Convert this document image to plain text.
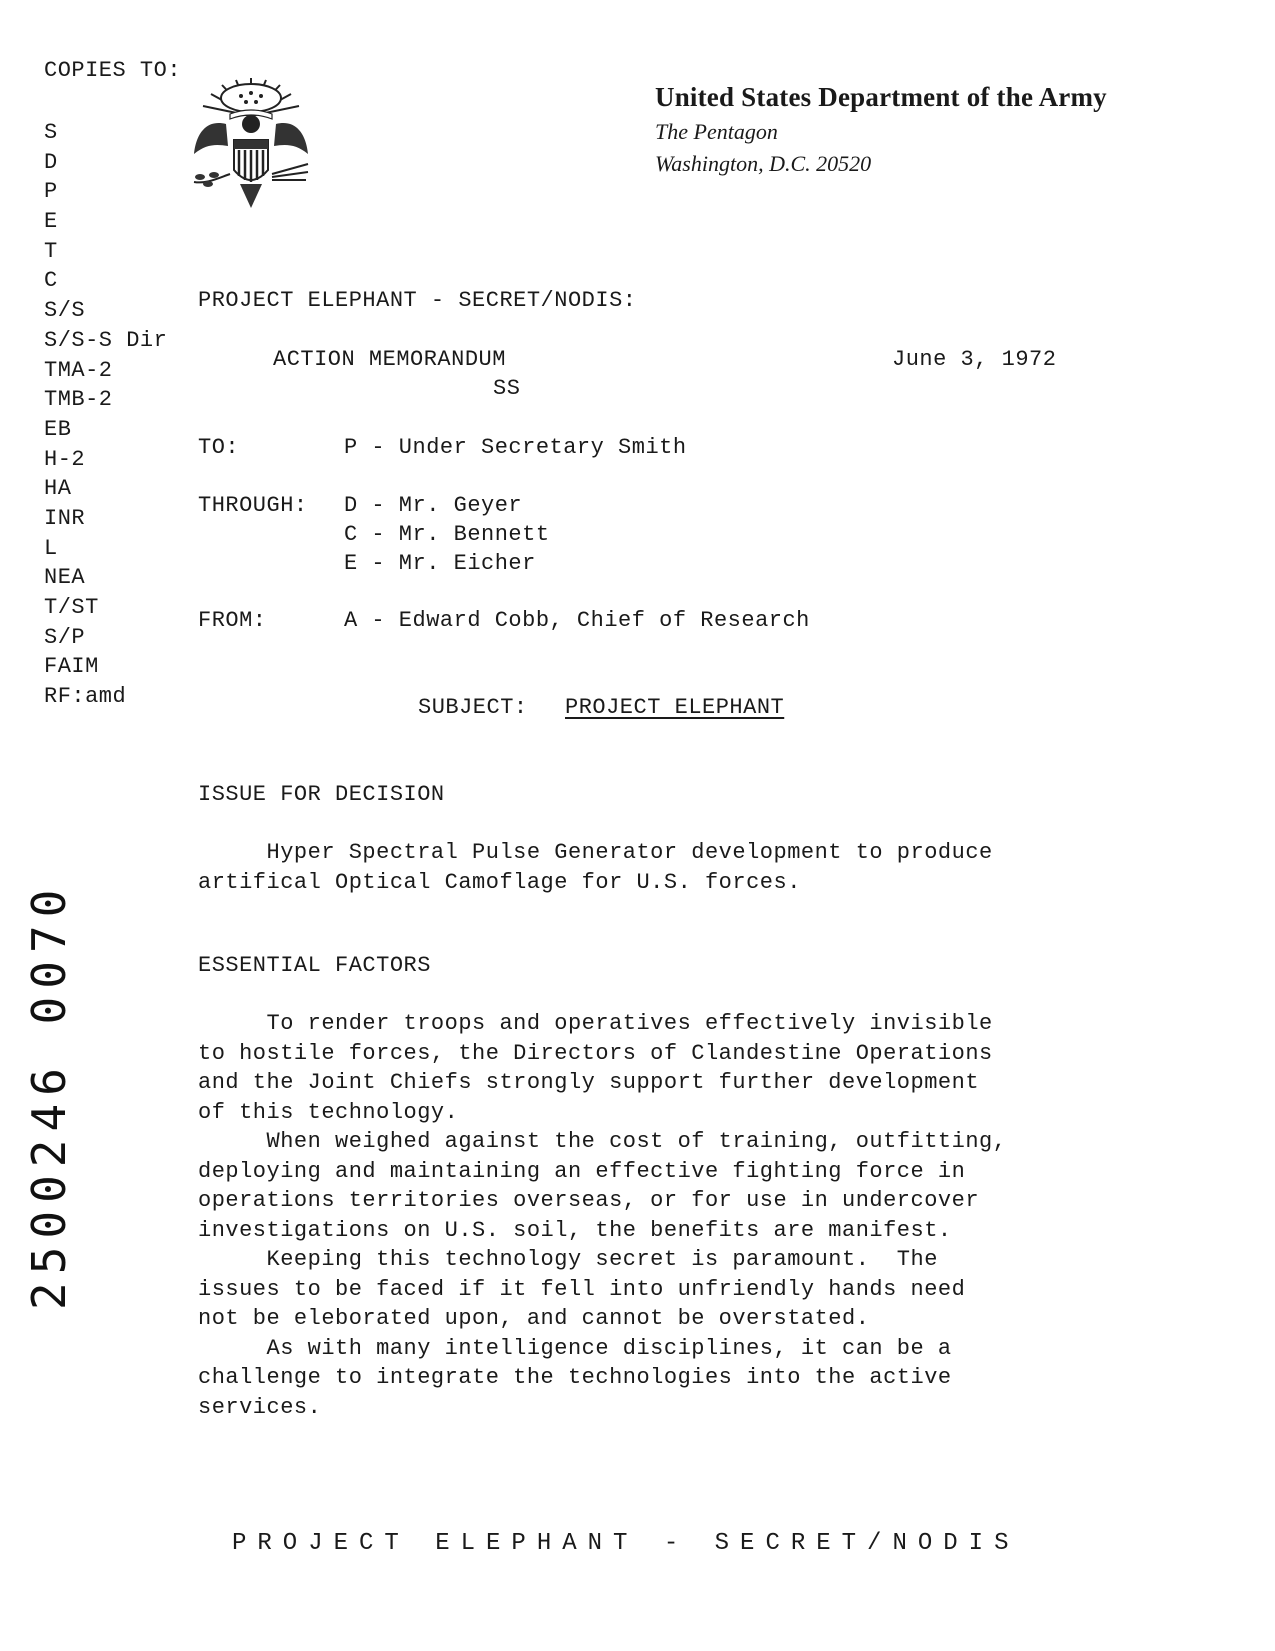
COPIES TO:
S
D
P
E
T
C
S/S
S/S-S Dir
TMA-2
TMB-2
EB
H-2
HA
INR
L
NEA
T/ST
S/P
FAIM
RF:amd
United States Department of the Army
The Pentagon
Washington, D.C. 20520
PROJECT ELEPHANT - SECRET/NODIS:
ACTION MEMORANDUM	June 3, 1972
SS
TO:	P - Under Secretary Smith
THROUGH: D - Mr. Geyer
C - Mr. Bennett
E - Mr. Eicher
FROM:	A - Edward Cobb, Chief of Research
SUBJECT: PROJECT ELEPHANT
ISSUE FOR DECISION
Hyper Spectral Pulse Generator development to produce
artifical Optical Camoflage for U.S. forces.
ESSENTIAL FACTORS
To render troops and operatives effectively invisible
to hostile forces, the Directors of Clandestine Operations
and the Joint Chiefs strongly support further development
of this technology.
When weighed against the cost of training, outfitting,
deploying and maintaining an effective fighting force in
operations territories overseas, or for use in undercover
investigations on U.S. soil, the benefits are manifest.
Keeping this technology secret is paramount.  The
issues to be faced if it fell into unfriendly hands need
not be eleborated upon, and cannot be overstated.
As with many intelligence disciplines, it can be a
challenge to integrate the technologies into the active
services.
2500246 0070
PROJECT ELEPHANT - SECRET/NODIS
